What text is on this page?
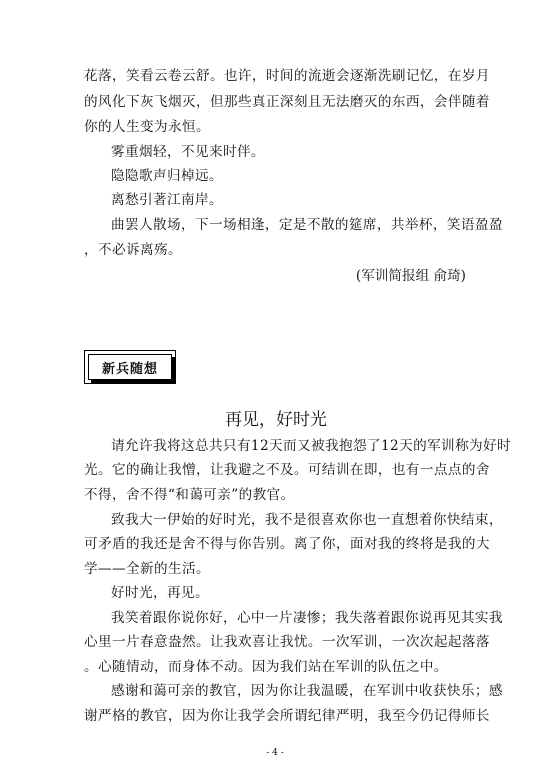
花落，笑看云卷云舒。也许，时间的流逝会逐渐洗刷记忆，在岁月
的风化下灰飞烟灭，但那些真正深刻且无法磨灭的东西，会伴随着
你的人生变为永恒。
雾重烟轻，不见来时伴。
隐隐歌声归棹远。
离愁引著江南岸。
曲罢人散场，下一场相逢，定是不散的筵席，共举杯，笑语盈盈
，不必诉离殇。
(军训简报组 俞琦)
新兵随想
再见，好时光
请允许我将这总共只有12天而又被我抱怨了12天的军训称为好时
光。它的确让我憎，让我避之不及。可结训在即，也有一点点的舍
不得，舍不得“和蔼可亲”的教官。
致我大一伊始的好时光，我不是很喜欢你也一直想着你快结束，
可矛盾的我还是舍不得与你告别。离了你，面对我的终将是我的大
学——全新的生活。
好时光，再见。
我笑着跟你说你好，心中一片凄惨；我失落着跟你说再见其实我
心里一片春意盎然。让我欢喜让我忧。一次军训，一次次起起落落
。心随情动，而身体不动。因为我们站在军训的队伍之中。
感谢和蔼可亲的教官，因为你让我温暖，在军训中收获快乐；感
谢严格的教官，因为你让我学会所谓纪律严明，我至今仍记得师长
- 4 -
